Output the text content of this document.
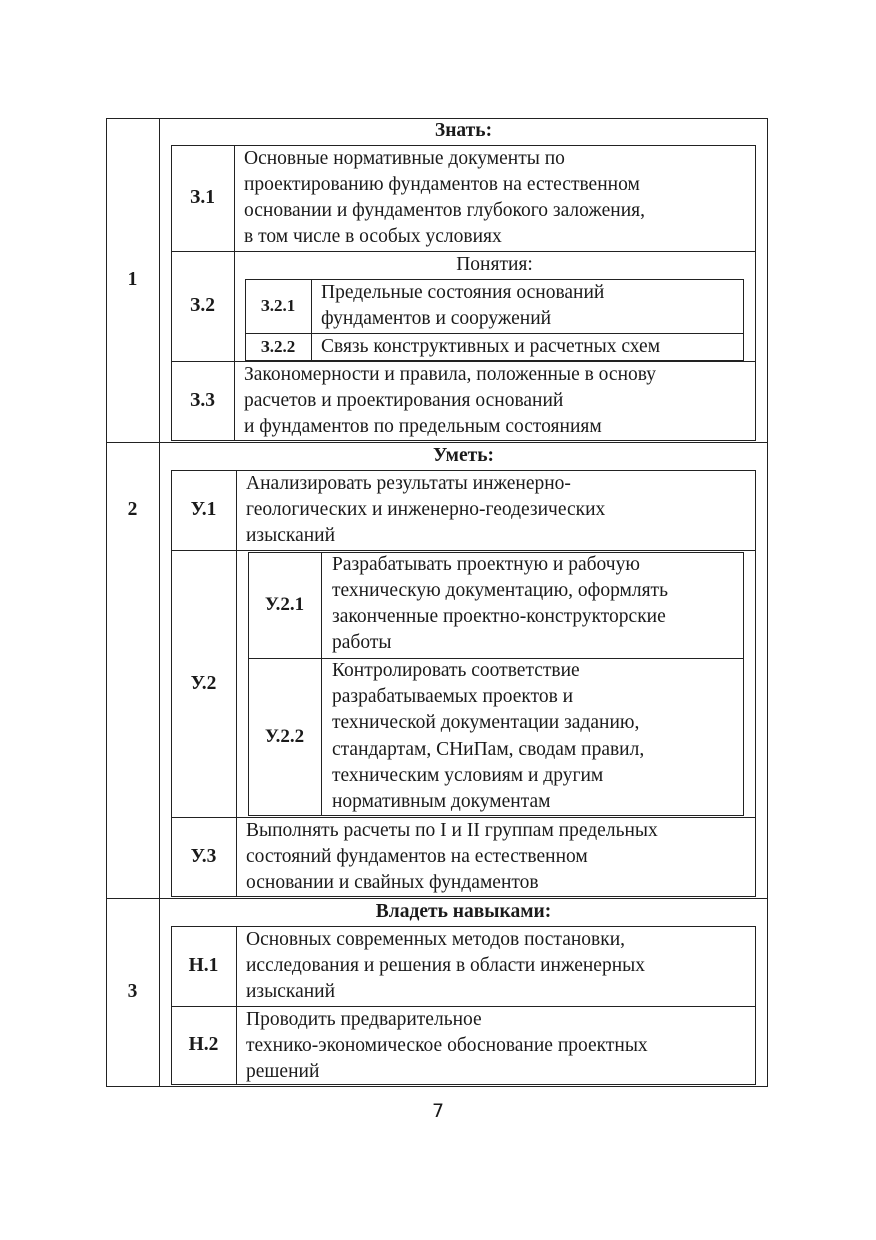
1
2
3
Знать:
З.1
Основные нормативные документы по
проектированию фундаментов на естественном
основании и фундаментов глубокого заложения,
в том числе в особых условиях
З.2
Понятия:
З.2.1
Предельные состояния оснований
фундаментов и сооружений
З.2.2	Связь конструктивных и расчетных схем
З.3
Закономерности и правила, положенные в основу
расчетов и проектирования оснований
и фундаментов по предельным состояниям
Уметь:
У.1
Анализировать результаты инженерно-
геологических и инженерно-геодезических
изысканий
У.2
У.2.1
Разрабатывать проектную и рабочую
техническую документацию, оформлять
законченные проектно-конструкторские
работы
У.2.2
Контролировать соответствие
разрабатываемых проектов и
технической документации заданию,
стандартам, СНиПам, сводам правил,
техническим условиям и другим
нормативным документам
У.3
Выполнять расчеты по I и II группам предельных
состояний фундаментов на естественном
основании и свайных фундаментов
Владеть навыками:
Н.1
Основных современных методов постановки,
исследования и решения в области инженерных
изысканий
Н.2
Проводить предварительное
технико-экономическое обоснование проектных
решений
7
